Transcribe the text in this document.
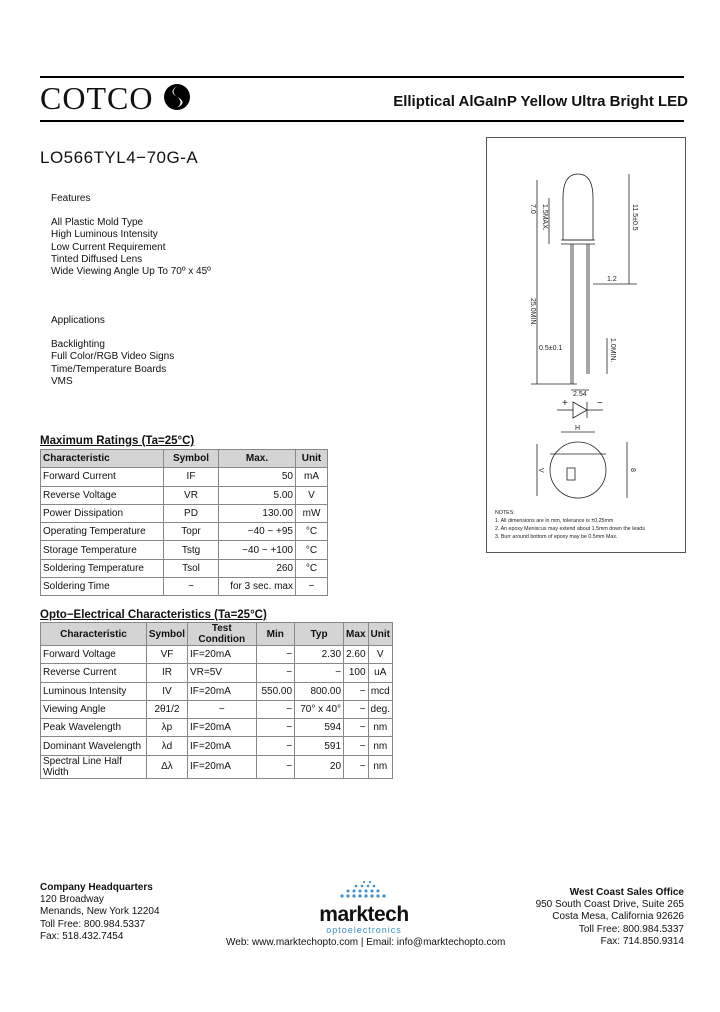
COTCO	Elliptical AlGaInP Yellow Ultra Bright LED
LO566TYL4−70G-A
Features
All Plastic Mold Type
High Luminous Intensity
Low Current Requirement
Tinted Diffused Lens
Wide Viewing Angle Up To 70º x 45º
Applications
Backlighting
Full Color/RGB Video Signs
Time/Temperature Boards
VMS
7.0 1.5MAX.	11.5±0.5
25.0MIN.
0.5±0.1
1.2
1.0MIN.
2.54
8
H
V
+	−
NOTES:
1. All dimensions are in mm, tolerance is ±0.25mm
2. An epoxy Meniscus may extend about 1.5mm down the leads
3. Burr around bottom of epoxy may be 0.5mm Max.
Maximum Ratings (Ta=25°C)
Characteristic	Symbol	Max.	Unit
Forward Current	IF	50	mA
Reverse Voltage	VR	5.00	V
Power Dissipation	PD	130.00	mW
Operating Temperature	Topr	−40 ~ +95	°C
Storage Temperature	Tstg	−40 ~ +100	°C
Soldering Temperature	Tsol	260	°C
Soldering Time	−	for 3 sec. max	−
Opto−Electrical Characteristics (Ta=25°C)
Characteristic	Symbol	Test Condition	Min	Typ	Max	Unit
Forward Voltage	VF	IF=20mA	−	2.30	2.60	V
Reverse Current	IR	VR=5V	−	−	100	uA
Luminous Intensity	IV	IF=20mA	550.00	800.00	−	mcd
Viewing Angle	2θ1/2	−	−	70° x 40°	−	deg.
Peak Wavelength	λp	IF=20mA	−	594	−	nm
Dominant Wavelength	λd	IF=20mA	−	591	−	nm
Spectral Line Half Width	Δλ	IF=20mA	−	20	−	nm
Company Headquarters
120 Broadway
Menands, New York 12204
Toll Free: 800.984.5337
Fax: 518.432.7454
marktech
optoelectronics
Web: www.marktechopto.com | Email: info@marktechopto.com
West Coast Sales Office
950 South Coast Drive, Suite 265
Costa Mesa, California 92626
Toll Free: 800.984.5337
Fax: 714.850.9314
